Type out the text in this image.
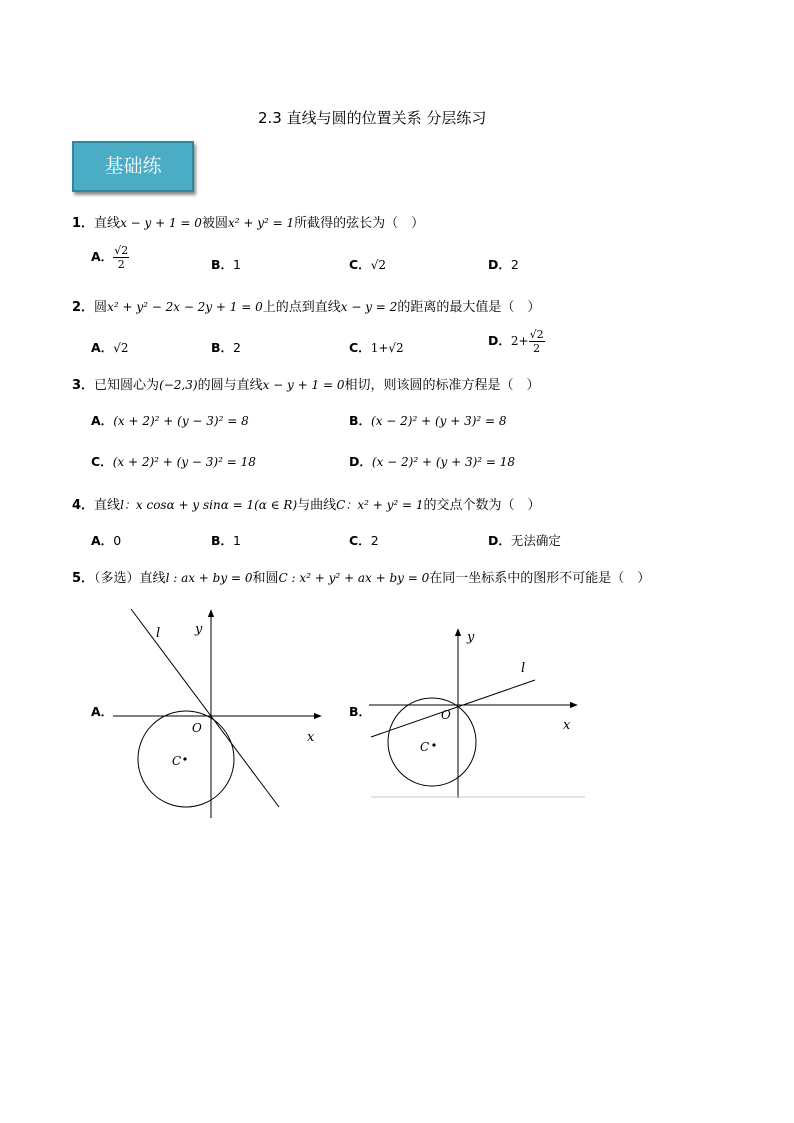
2.3 直线与圆的位置关系 分层练习
基础练
1．直线x − y + 1 = 0被圆x² + y² = 1所截得的弦长为（　）
A． $\frac{√2}{2}$	B．1	C．√2	D．2
2．圆x² + y² − 2x − 2y + 1 = 0上的点到直线x − y = 2的距离的最大值是（　）
A．√2	B．2	C．1+√2	D．$2+ \frac{√2}{2}$
3．已知圆心为(−2,3)的圆与直线x − y + 1 = 0相切，则该圆的标准方程是（　）
A．(x + 2)² + (y − 3)² = 8	B．(x − 2)² + (y + 3)² = 8
C．(x + 2)² + (y − 3)² = 18	D．(x − 2)² + (y + 3)² = 18
4．直线l：x cosα + y sinα = 1(α ∈ R)与曲线C：x² + y² = 1的交点个数为（　）
A．0	B．1	C．2	D．无法确定
5．（多选）直线l : ax + by = 0和圆C : x² + y² + ax + by = 0在同一坐标系中的图形不可能是（　）
A．	B．
y
l
O
x
C
y
l
O
x
C
